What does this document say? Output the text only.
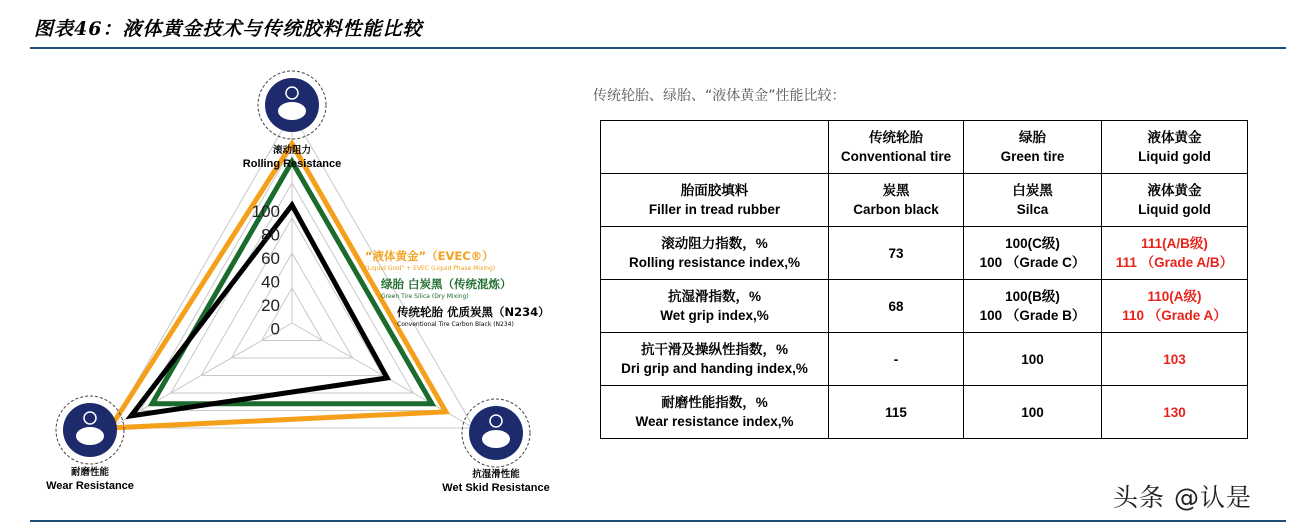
图表46：液体黄金技术与传统胶料性能比较
100
80
60
40
20
0
“液体黄金”（EVEC®）
"Liquid Gold" + EVEC (Liquid Phase Mixing)
绿胎 白炭黑（传统混炼）
Green Tire Silica (Dry Mixing)
传统轮胎 优质炭黑（N234）
Conventional Tire Carbon Black (N234)
滚动阻力
Rolling Resistance
抗湿滑性能
Wet Skid Resistance
耐磨性能
Wear Resistance
传统轮胎、绿胎、“液体黄金”性能比较：

	传统轮胎
Conventional tire	绿胎
Green tire	液体黄金
Liquid gold

胎面胶填料
Filler in tread rubber	炭黑
Carbon black	白炭黑
Silca	液体黄金
Liquid gold

滚动阻力指数，%
Rolling resistance index,%	73	100(C级)
100 （Grade C）	111(A/B级)
111 （Grade A/B）

抗湿滑指数，%
Wet grip index,%	68	100(B级)
100 （Grade B）	110(A级)
110 （Grade A）

抗干滑及操纵性指数，%
Dri grip and handing index,%	-	100	103

耐磨性能指数，%
Wear resistance index,%	115	100	130
头条 @认是
